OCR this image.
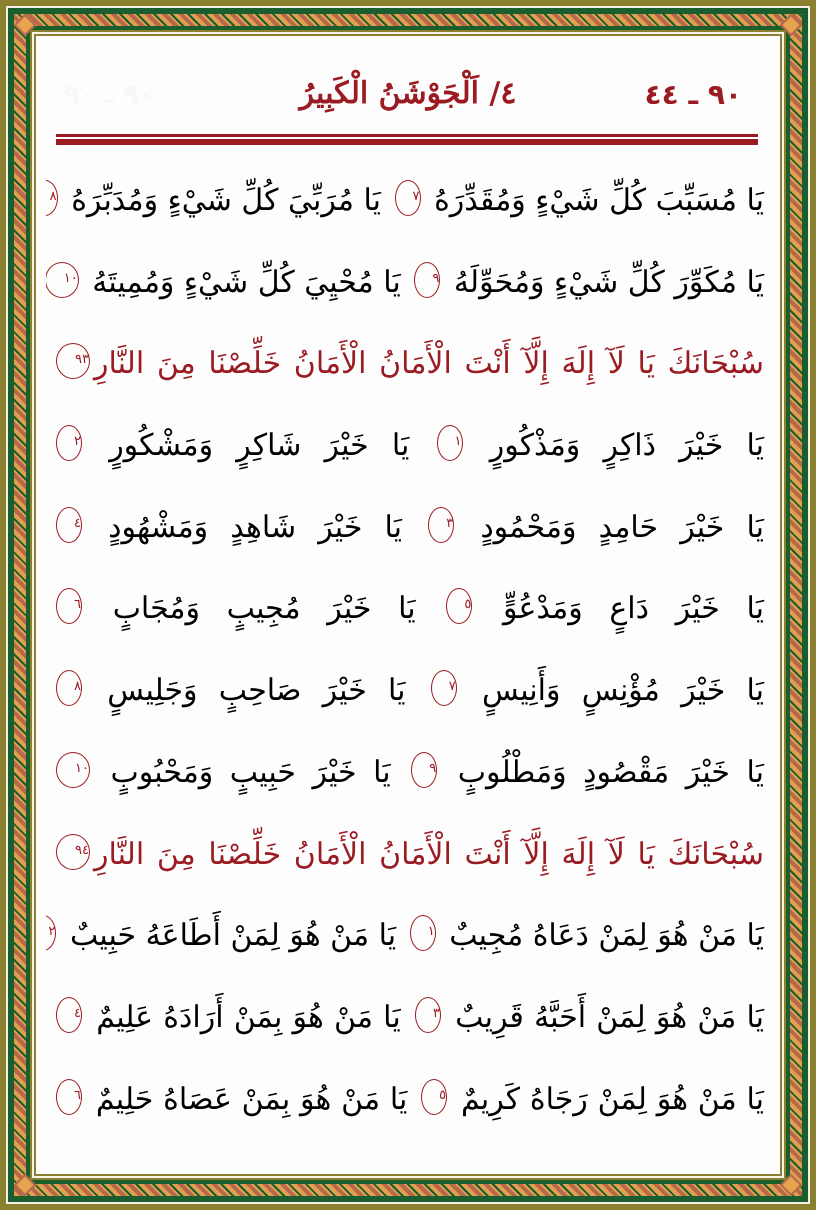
٩٠ ـ ٩٠	٤/ اَلْجَوْشَنُ الْكَبِيرُ	٩٠ ـ ٤٤
يَا مُسَبِّبَ كُلِّ شَيْءٍ وَمُقَدِّرَهُ ٧ يَا مُرَبِّيَ كُلِّ شَيْءٍ وَمُدَبِّرَهُ ٨
يَا مُكَوِّرَ كُلِّ شَيْءٍ وَمُحَوِّلَهُ ٩ يَا مُحْيِيَ كُلِّ شَيْءٍ وَمُمِيتَهُ ١٠
سُبْحَانَكَ يَا لَآ إِلَهَ إِلَّآ أَنْتَ الْأَمَانُ الْأَمَانُ خَلِّصْنَا مِنَ النَّارِ٩٣
يَا خَيْرَ ذَاكِرٍ وَمَذْكُورٍ ١ يَا خَيْرَ شَاكِرٍ وَمَشْكُورٍ ٢
يَا خَيْرَ حَامِدٍ وَمَحْمُودٍ ٣ يَا خَيْرَ شَاهِدٍ وَمَشْهُودٍ ٤
يَا خَيْرَ دَاعٍ وَمَدْعُوٍّ ٥ يَا خَيْرَ مُجِيبٍ وَمُجَابٍ ٦
يَا خَيْرَ مُؤْنِسٍ وَأَنِيسٍ ٧ يَا خَيْرَ صَاحِبٍ وَجَلِيسٍ ٨
يَا خَيْرَ مَقْصُودٍ وَمَطْلُوبٍ ٩ يَا خَيْرَ حَبِيبٍ وَمَحْبُوبٍ ١٠
سُبْحَانَكَ يَا لَآ إِلَهَ إِلَّآ أَنْتَ الْأَمَانُ الْأَمَانُ خَلِّصْنَا مِنَ النَّارِ٩٤
يَا مَنْ هُوَ لِمَنْ دَعَاهُ مُجِيبٌ ١ يَا مَنْ هُوَ لِمَنْ أَطَاعَهُ حَبِيبٌ ٢
يَا مَنْ هُوَ لِمَنْ أَحَبَّهُ قَرِيبٌ ٣ يَا مَنْ هُوَ بِمَنْ أَرَادَهُ عَلِيمٌ ٤
يَا مَنْ هُوَ لِمَنْ رَجَاهُ كَرِيمٌ ٥ يَا مَنْ هُوَ بِمَنْ عَصَاهُ حَلِيمٌ ٦
